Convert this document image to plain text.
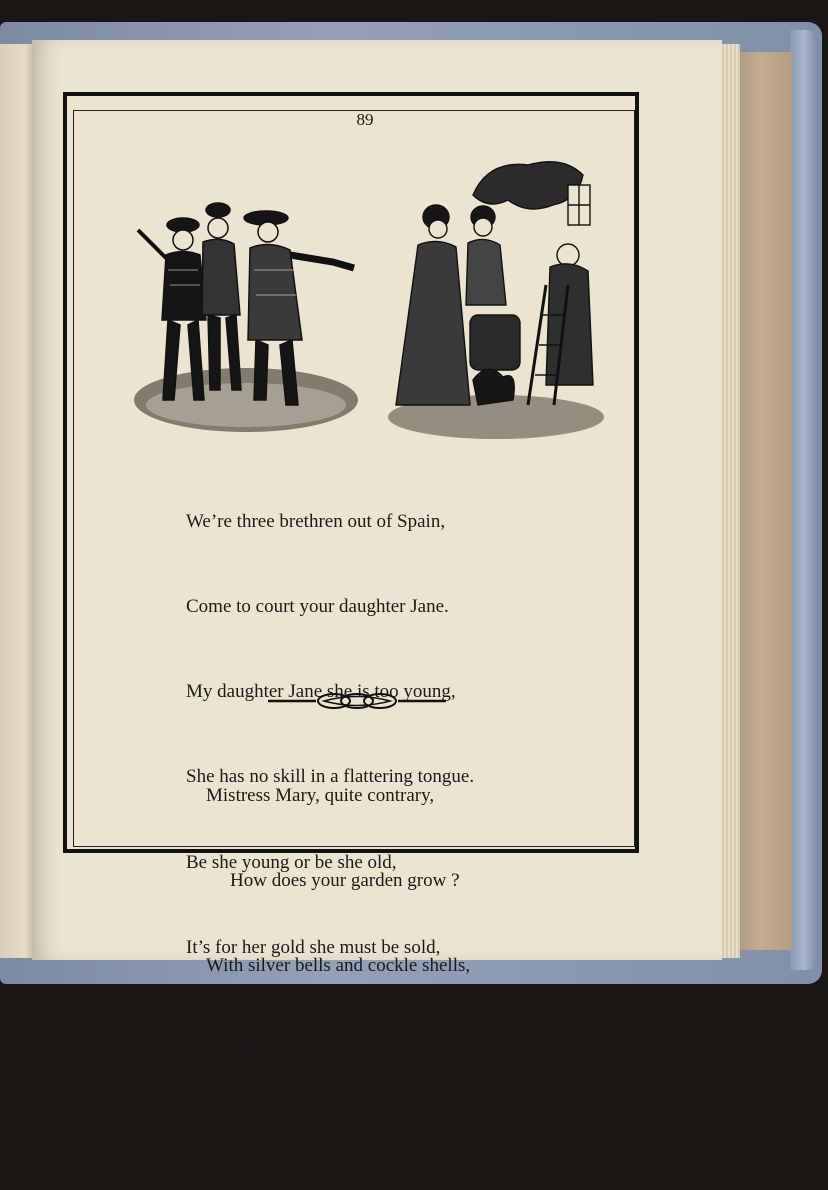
89

We’re three brethren out of Spain,

Come to court your daughter Jane.

My daughter Jane she is too young,

She has no skill in a flattering tongue.

Be she young or be she old,

It’s for her gold she must be sold,

So fare you well, my lady gay,

We shall return another day.

Mistress Mary, quite contrary,

How does your garden grow ?

With silver bells and cockle shells,

And maidens all in a row.
